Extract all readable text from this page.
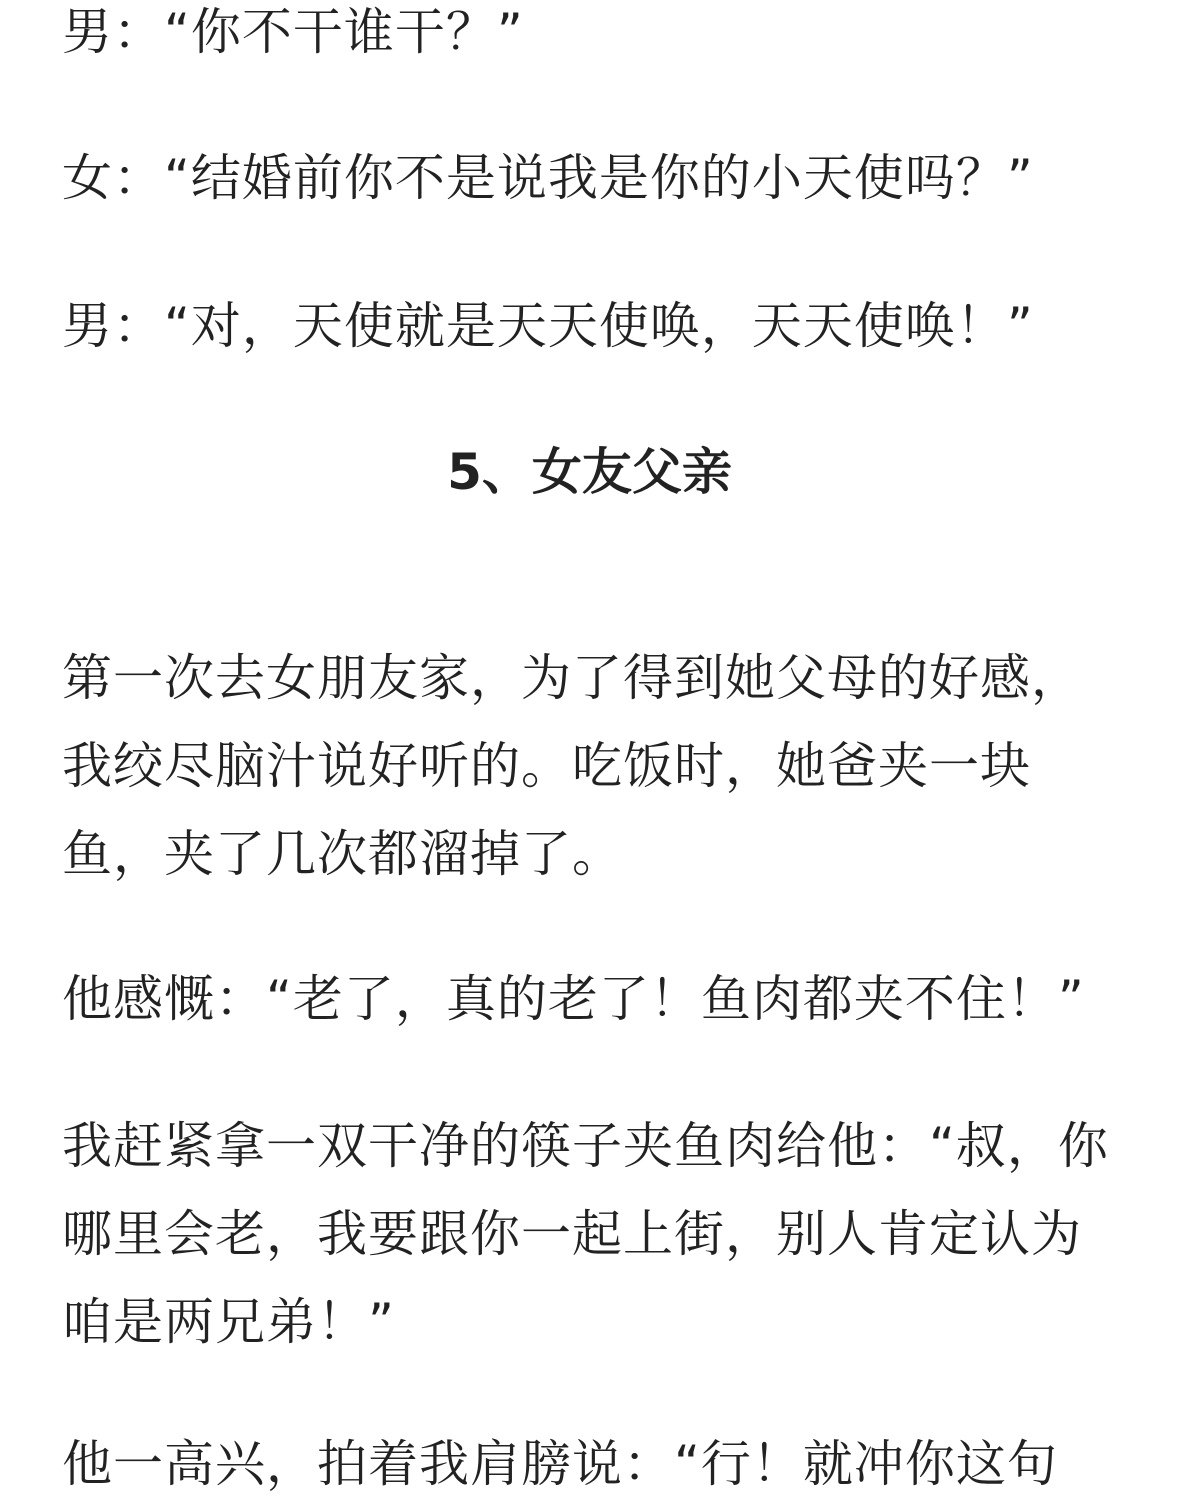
男：“你不干谁干？”

女：“结婚前你不是说我是你的小天使吗？”

男：“对，天使就是天天使唤，天天使唤！”

5、女友父亲

第一次去女朋友家，为了得到她父母的好感，我绞尽脑汁说好听的。吃饭时，她爸夹一块鱼，夹了几次都溜掉了。

他感慨：“老了，真的老了！鱼肉都夹不住！”

我赶紧拿一双干净的筷子夹鱼肉给他：“叔，你哪里会老，我要跟你一起上街，别人肯定认为咱是两兄弟！”

他一高兴，拍着我肩膀说：“行！就冲你这句
